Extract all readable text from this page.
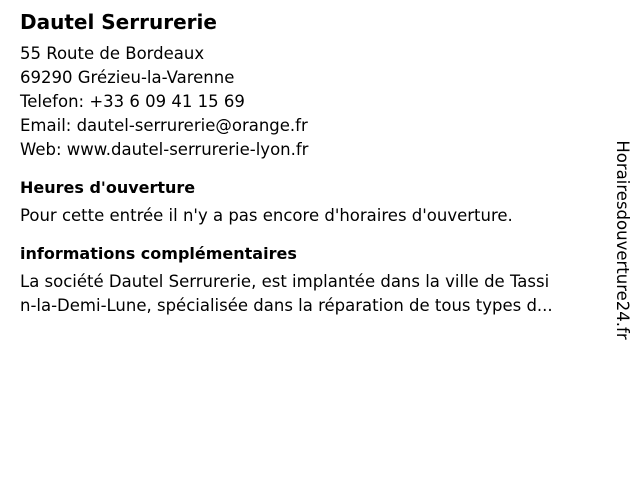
Dautel Serrurerie
55 Route de Bordeaux
69290 Grézieu-la-Varenne
Telefon: +33 6 09 41 15 69
Email: dautel-serrurerie@orange.fr
Web: www.dautel-serrurerie-lyon.fr
Heures d'ouverture
Pour cette entrée il n'y a pas encore d'horaires d'ouverture.
informations complémentaires
La société Dautel Serrurerie, est implantée dans la ville de Tassi
n-la-Demi-Lune, spécialisée dans la réparation de tous types d...	Horairesdouverture24.fr
